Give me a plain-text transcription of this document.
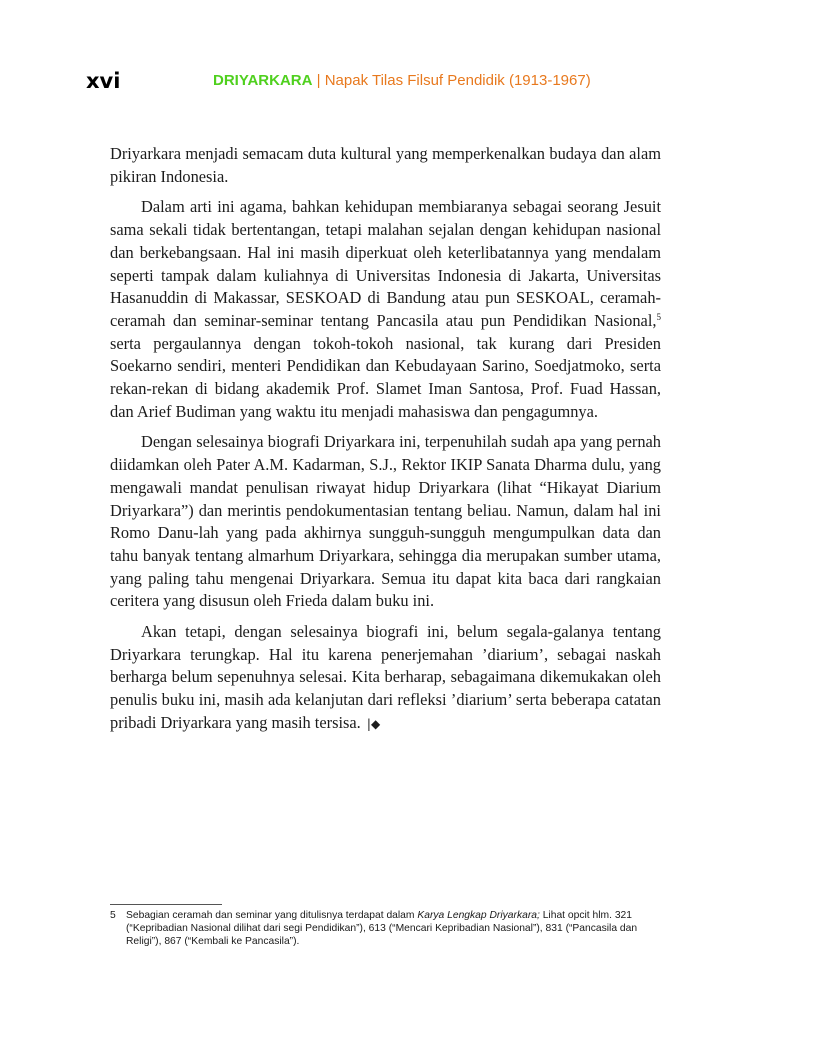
xvi	DRIYARKARA | Napak Tilas Filsuf Pendidik (1913-1967)

Driyarkara menjadi semacam duta kultural yang memperkenalkan budaya dan alam pikiran Indonesia.

Dalam arti ini agama, bahkan kehidupan membiaranya sebagai seorang Jesuit sama sekali tidak bertentangan, tetapi malahan sejalan dengan kehidupan nasional dan berkebangsaan. Hal ini masih diperkuat oleh keterlibatannya yang mendalam seperti tampak dalam kuliahnya di Universitas Indonesia di Jakarta, Universitas Hasanuddin di Makassar, SESKOAD di Bandung atau pun SESKOAL, ceramah-ceramah dan seminar-seminar tentang Pancasila atau pun Pendidikan Nasional,$^5$ serta pergaulannya dengan tokoh-tokoh nasional, tak kurang dari Presiden Soekarno sendiri, menteri Pendidikan dan Kebudayaan Sarino, Soedjatmoko, serta rekan-rekan di bidang akademik Prof. Slamet Iman Santosa, Prof. Fuad Hassan, dan Arief Budiman yang waktu itu menjadi mahasiswa dan pengagumnya.

Dengan selesainya biografi Driyarkara ini, terpenuhilah sudah apa yang pernah diidamkan oleh Pater A.M. Kadarman, S.J., Rektor IKIP Sanata Dharma dulu, yang mengawali mandat penulisan riwayat hidup Driyarkara (lihat “Hikayat Diarium Driyarkara”) dan merintis pendokumentasian tentang beliau. Namun, dalam hal ini Romo Danu-lah yang pada akhirnya sungguh-sungguh mengumpulkan data dan tahu banyak tentang almarhum Driyarkara, sehingga dia merupakan sumber utama, yang paling tahu mengenai Driyarkara. Semua itu dapat kita baca dari rangkaian ceritera yang disusun oleh Frieda dalam buku ini.

Akan tetapi, dengan selesainya biografi ini, belum segala-galanya tentang Driyarkara terungkap. Hal itu karena penerjemahan ’diarium’, sebagai naskah berharga belum sepenuhnya selesai. Kita berharap, sebagaimana dikemukakan oleh penulis buku ini, masih ada kelanjutan dari refleksi ’diarium’ serta beberapa catatan pribadi Driyarkara yang masih tersisa. |◆

5 Sebagian ceramah dan seminar yang ditulisnya terdapat dalam Karya Lengkap Driyarkara; Lihat opcit hlm. 321 (“Kepribadian Nasional dilihat dari segi Pendidikan”), 613 (“Mencari Kepribadian Nasional”), 831 (“Pancasila dan Religi”), 867 (“Kembali ke Pancasila”).
